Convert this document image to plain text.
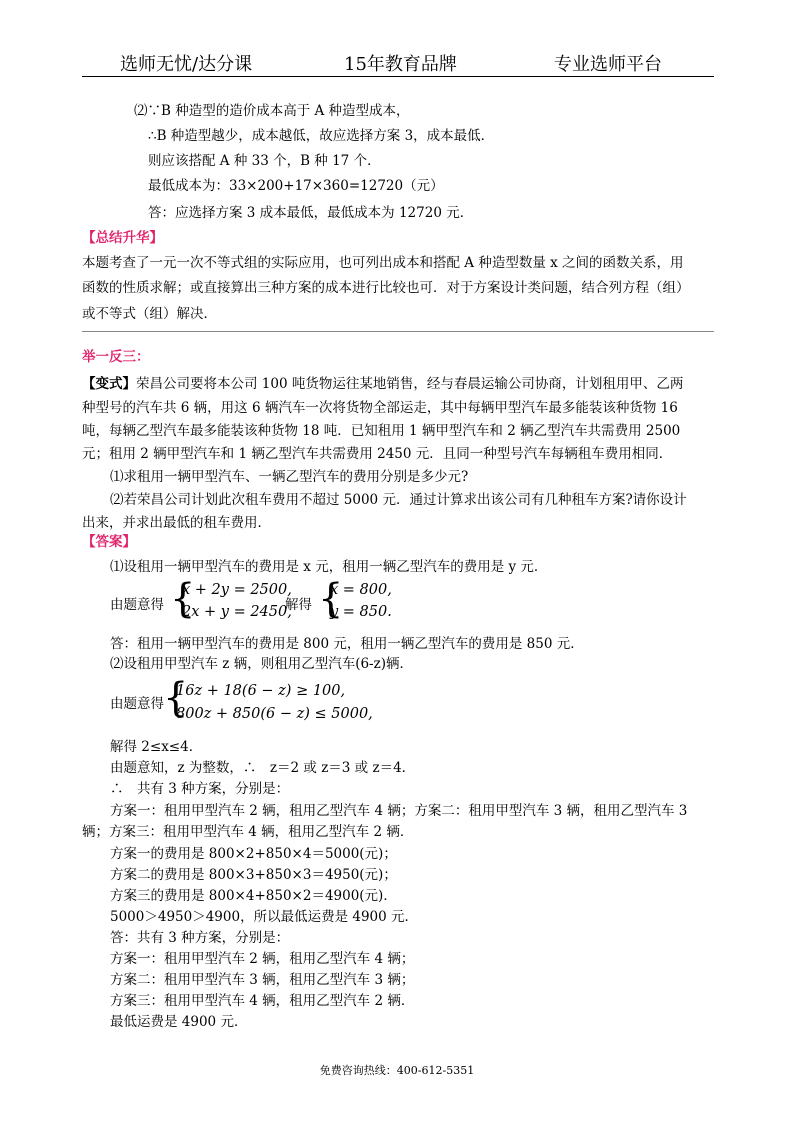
选师无忧/达分课	15年教育品牌	专业选师平台
⑵∵B 种造型的造价成本高于 A 种造型成本，
∴B 种造型越少，成本越低，故应选择方案 3，成本最低．
则应该搭配 A 种 33 个，B 种 17 个．
最低成本为：33×200+17×360=12720（元）
答：应选择方案 3 成本最低，最低成本为 12720 元．
【总结升华】
本题考查了一元一次不等式组的实际应用，也可列出成本和搭配 A 种造型数量 x 之间的函数关系，用
函数的性质求解；或直接算出三种方案的成本进行比较也可．对于方案设计类问题，结合列方程（组）
或不等式（组）解决．
举一反三：
【变式】荣昌公司要将本公司 100 吨货物运往某地销售，经与春晨运输公司协商，计划租用甲、乙两
种型号的汽车共 6 辆，用这 6 辆汽车一次将货物全部运走，其中每辆甲型汽车最多能装该种货物 16
吨，每辆乙型汽车最多能装该种货物 18 吨．已知租用 1 辆甲型汽车和 2 辆乙型汽车共需费用 2500
元；租用 2 辆甲型汽车和 1 辆乙型汽车共需费用 2450 元．且同一种型号汽车每辆租车费用相同．
⑴求租用一辆甲型汽车、一辆乙型汽车的费用分别是多少元?
⑵若荣昌公司计划此次租车费用不超过 5000 元．通过计算求出该公司有几种租车方案?请你设计
出来，并求出最低的租车费用．
【答案】
⑴设租用一辆甲型汽车的费用是 x 元，租用一辆乙型汽车的费用是 y 元．
由题意得 {
x + 2y = 2500,
2x + y = 2450,
解得 {
x = 800,
y = 850.
答：租用一辆甲型汽车的费用是 800 元，租用一辆乙型汽车的费用是 850 元．
⑵设租用甲型汽车 z 辆，则租用乙型汽车(6-z)辆．
由题意得 {
16z + 18(6 − z) ≥ 100,
800z + 850(6 − z) ≤ 5000,
解得 2≤x≤4．
由题意知，z 为整数，∴　z＝2 或 z＝3 或 z＝4．
∴　共有 3 种方案，分别是：
方案一：租用甲型汽车 2 辆，租用乙型汽车 4 辆；方案二：租用甲型汽车 3 辆，租用乙型汽车 3
辆；方案三：租用甲型汽车 4 辆，租用乙型汽车 2 辆．
方案一的费用是 800×2+850×4＝5000(元)；
方案二的费用是 800×3+850×3＝4950(元)；
方案三的费用是 800×4+850×2＝4900(元)．
5000＞4950＞4900，所以最低运费是 4900 元．
答：共有 3 种方案，分别是：
方案一：租用甲型汽车 2 辆，租用乙型汽车 4 辆；
方案二：租用甲型汽车 3 辆，租用乙型汽车 3 辆；
方案三：租用甲型汽车 4 辆，租用乙型汽车 2 辆．
最低运费是 4900 元．
免费咨询热线：400-612-5351
